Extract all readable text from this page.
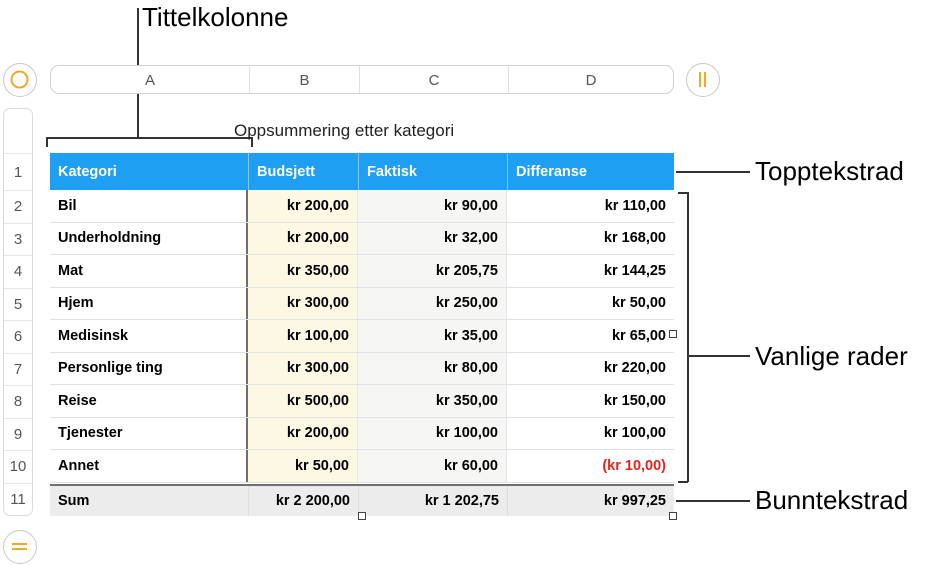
Tittelkolonne
Topptekstrad
Vanlige rader
Bunntekstrad
A	B	C	D
1
2
3
4
5
6
7
8
9
10
11
Oppsummering etter kategori
Kategori	Budsjett	Faktisk	Differanse
Bil	kr 200,00	kr 90,00	kr 110,00
Underholdning	kr 200,00	kr 32,00	kr 168,00
Mat	kr 350,00	kr 205,75	kr 144,25
Hjem	kr 300,00	kr 250,00	kr 50,00
Medisinsk	kr 100,00	kr 35,00	kr 65,00
Personlige ting	kr 300,00	kr 80,00	kr 220,00
Reise	kr 500,00	kr 350,00	kr 150,00
Tjenester	kr 200,00	kr 100,00	kr 100,00
Annet	kr 50,00	kr 60,00	(kr 10,00)
Sum	kr 2 200,00	kr 1 202,75	kr 997,25
